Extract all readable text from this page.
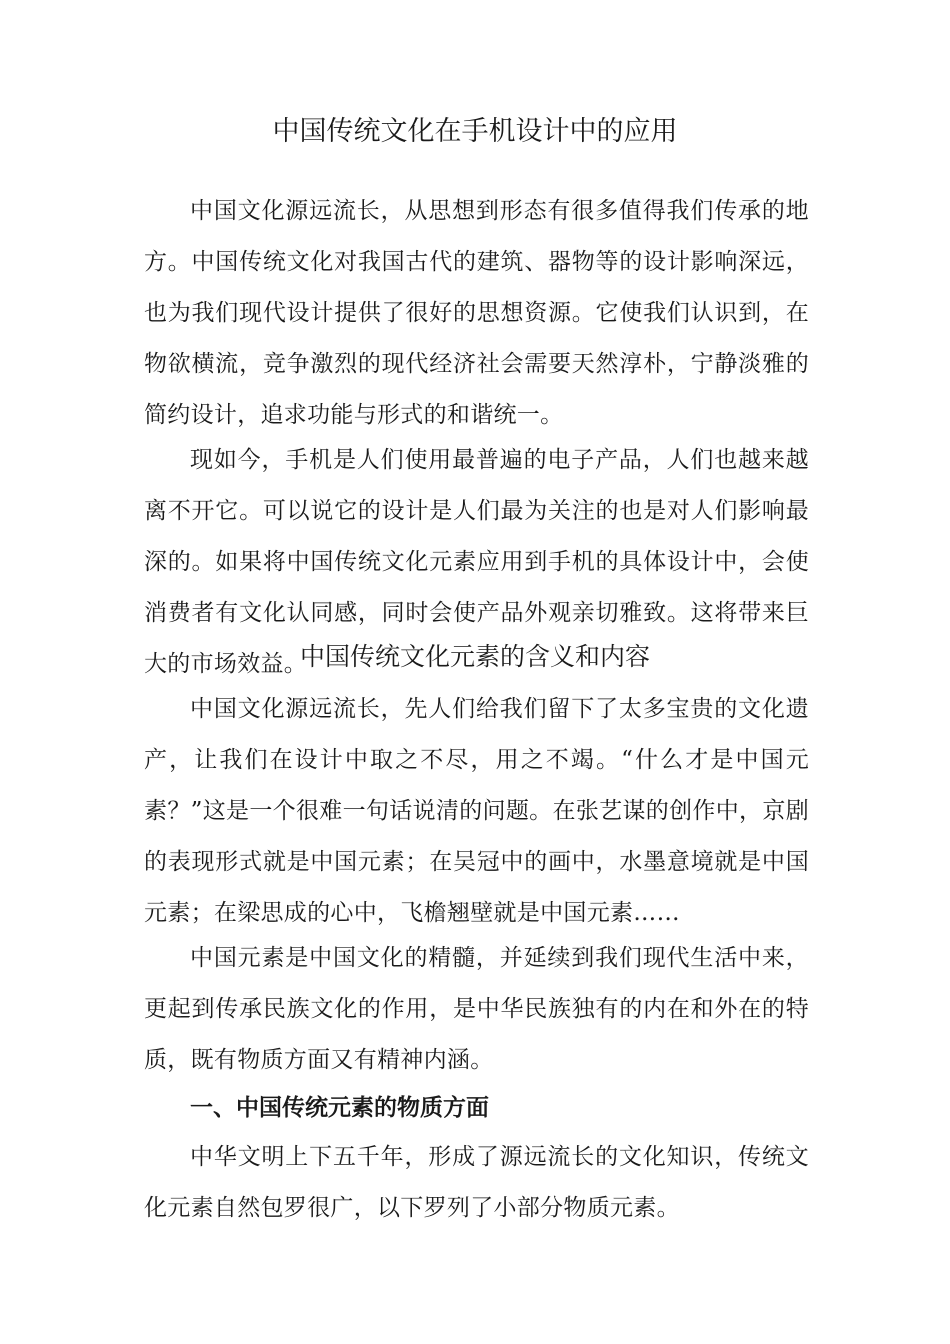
中国传统文化在手机设计中的应用

中国文化源远流长，从思想到形态有很多值得我们传承的地方。中国传统文化对我国古代的建筑、器物等的设计影响深远，也为我们现代设计提供了很好的思想资源。它使我们认识到，在物欲横流，竞争激烈的现代经济社会需要天然淳朴，宁静淡雅的简约设计，追求功能与形式的和谐统一。

现如今，手机是人们使用最普遍的电子产品，人们也越来越离不开它。可以说它的设计是人们最为关注的也是对人们影响最深的。如果将中国传统文化元素应用到手机的具体设计中，会使消费者有文化认同感，同时会使产品外观亲切雅致。这将带来巨大的市场效益。

中国传统文化元素的含义和内容

中国文化源远流长，先人们给我们留下了太多宝贵的文化遗产，让我们在设计中取之不尽，用之不竭。“什么才是中国元素？”这是一个很难一句话说清的问题。在张艺谋的创作中，京剧的表现形式就是中国元素；在吴冠中的画中，水墨意境就是中国元素；在梁思成的心中，飞檐翘壁就是中国元素……

中国元素是中国文化的精髓，并延续到我们现代生活中来，更起到传承民族文化的作用，是中华民族独有的内在和外在的特质，既有物质方面又有精神内涵。

一、中国传统元素的物质方面

中华文明上下五千年，形成了源远流长的文化知识，传统文化元素自然包罗很广，以下罗列了小部分物质元素。
